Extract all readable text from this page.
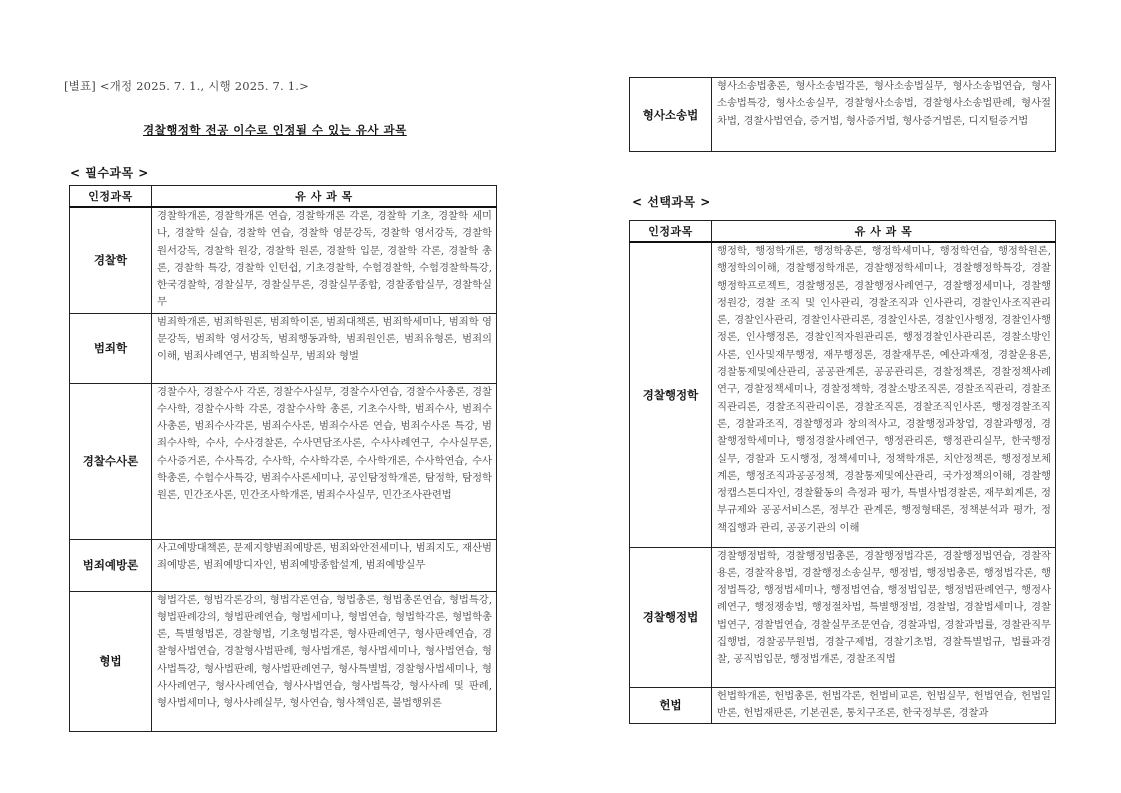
[별표] <개정 2025. 7. 1., 시행 2025. 7. 1.>
경찰행정학 전공 이수로 인정될 수 있는 유사 과목
< 필수과목 >
인정과목	유 사 과 목
경찰학	경찰학개론, 경찰학개론 연습, 경찰학개론 각론, 경찰학 기초, 경찰학 세미나, 경찰학 실습, 경찰학 연습, 경찰학 영문강독, 경찰학 영서강독, 경찰학 원서강독, 경찰학 원강, 경찰학 원론, 경찰학 입문, 경찰학 각론, 경찰학 총론, 경찰학 특강, 경찰학 인턴쉽, 기초경찰학, 수험경찰학, 수험경찰학특강, 한국경찰학, 경찰실무, 경찰실무론, 경찰실무종합, 경찰종합실무, 경찰학실무
범죄학	범죄학개론, 범죄학원론, 범죄학이론, 범죄대책론, 범죄학세미나, 범죄학 영문강독, 범죄학 영서강독, 범죄행동과학, 범죄원인론, 범죄유형론, 범죄의 이해, 범죄사례연구, 범죄학실무, 범죄와 형벌
경찰수사론	경찰수사, 경찰수사 각론, 경찰수사실무, 경찰수사연습, 경찰수사총론, 경찰수사학, 경찰수사학 각론, 경찰수사학 총론, 기초수사학, 범죄수사, 범죄수사총론, 범죄수사각론, 범죄수사론, 범죄수사론 연습, 범죄수사론 특강, 범죄수사학, 수사, 수사경찰론, 수사면담조사론, 수사사례연구, 수사실무론, 수사증거론, 수사특강, 수사학, 수사학각론, 수사학개론, 수사학연습, 수사학총론, 수험수사특강, 범죄수사론세미나, 공인탐정학개론, 탐정학, 탐정학원론, 민간조사론, 민간조사학개론, 범죄수사실무, 민간조사관련법
범죄예방론	사고예방대책론, 문제지향범죄예방론, 범죄와안전세미나, 범죄지도, 재산범죄예방론, 범죄예방디자인, 범죄예방종합설계, 범죄예방실무
형법	형법각론, 형법각론강의, 형법각론연습, 형법총론, 형법총론연습, 형법특강, 형법판례강의, 형법판례연습, 형법세미나, 형법연습, 형법학각론, 형법학총론, 특별형법론, 경찰형법, 기초형법각론, 형사판례연구, 형사판례연습, 경찰형사법연습, 경찰형사법판례, 형사법개론, 형사법세미나, 형사법연습, 형사법특강, 형사법판례, 형사법판례연구, 형사특별법, 경찰형사법세미나, 형사사례연구, 형사사례연습, 형사사법연습, 형사법특강, 형사사례 및 판례, 형사법세미나, 형사사례실무, 형사연습, 형사책임론, 불법행위론
형사소송법	형사소송법총론, 형사소송법각론, 형사소송법실무, 형사소송법연습, 형사소송법특강, 형사소송실무, 경찰형사소송법, 경찰형사소송법판례, 형사절차법, 경찰사법연습, 증거법, 형사증거법, 형사증거법론, 디지털증거법
< 선택과목 >
인정과목	유 사 과 목
경찰행정학	행정학, 행정학개론, 행정학총론, 행정학세미나, 행정학연습, 행정학원론, 행정학의이해, 경찰행정학개론, 경찰행정학세미나, 경찰행정학특강, 경찰행정학프로젝트, 경찰행정론, 경찰행정사례연구, 경찰행정세미나, 경찰행정원강, 경찰 조직 및 인사관리, 경찰조직과 인사관리, 경찰인사조직관리론, 경찰인사관리, 경찰인사관리론, 경찰인사론, 경찰인사행정, 경찰인사행정론, 인사행정론, 경찰인적자원관리론, 행정경찰인사관리론, 경찰소방인사론, 인사및재무행정, 재무행정론, 경찰재무론, 예산과재정, 경찰운용론, 경찰통제및예산관리, 공공관계론, 공공관리론, 경찰정책론, 경찰정책사례연구, 경찰정책세미나, 경찰정책학, 경찰소방조직론, 경찰조직관리, 경찰조직관리론, 경찰조직관리이론, 경찰조직론, 경찰조직인사론, 행정경찰조직론, 경찰과조직, 경찰행정과 창의적사고, 경찰행정과창업, 경찰과행정, 경찰행정학세미나, 행정경찰사례연구, 행정관리론, 행정관리실무, 한국행정실무, 경찰과 도시행정, 정책세미나, 정책학개론, 치안정책론, 행정정보체계론, 행정조직과공공정책, 경찰통제및예산관리, 국가정책의이해, 경찰행정캡스톤디자인, 경찰활동의 측정과 평가, 특별사법경찰론, 재무회계론, 정부규제와 공공서비스론, 정부간 관계론, 행정형태론, 정책분석과 평가, 정책집행과 관리, 공공기관의 이해
경찰행정법	경찰행정법학, 경찰행정법총론, 경찰행정법각론, 경찰행정법연습, 경찰작용론, 경찰작용법, 경찰행정소송실무, 행정법, 행정법총론, 행정법각론, 행정법특강, 행정법세미나, 행정법연습, 행정법입문, 행정법판례연구, 행정사례연구, 행정쟁송법, 행정절차법, 특별행정법, 경찰법, 경찰법세미나, 경찰법연구, 경찰법연습, 경찰실무조문연습, 경찰과법, 경찰과법률, 경찰관직무집행법, 경찰공무원법, 경찰구제법, 경찰기초법, 경찰특별법규, 법률과경찰, 공직법입문, 행정법개론, 경찰조직법
헌법	헌법학개론, 헌법총론, 헌법각론, 헌법비교론, 헌법실무, 헌법연습, 헌법일반론, 헌법재판론, 기본권론, 통치구조론, 한국정부론, 경찰과
